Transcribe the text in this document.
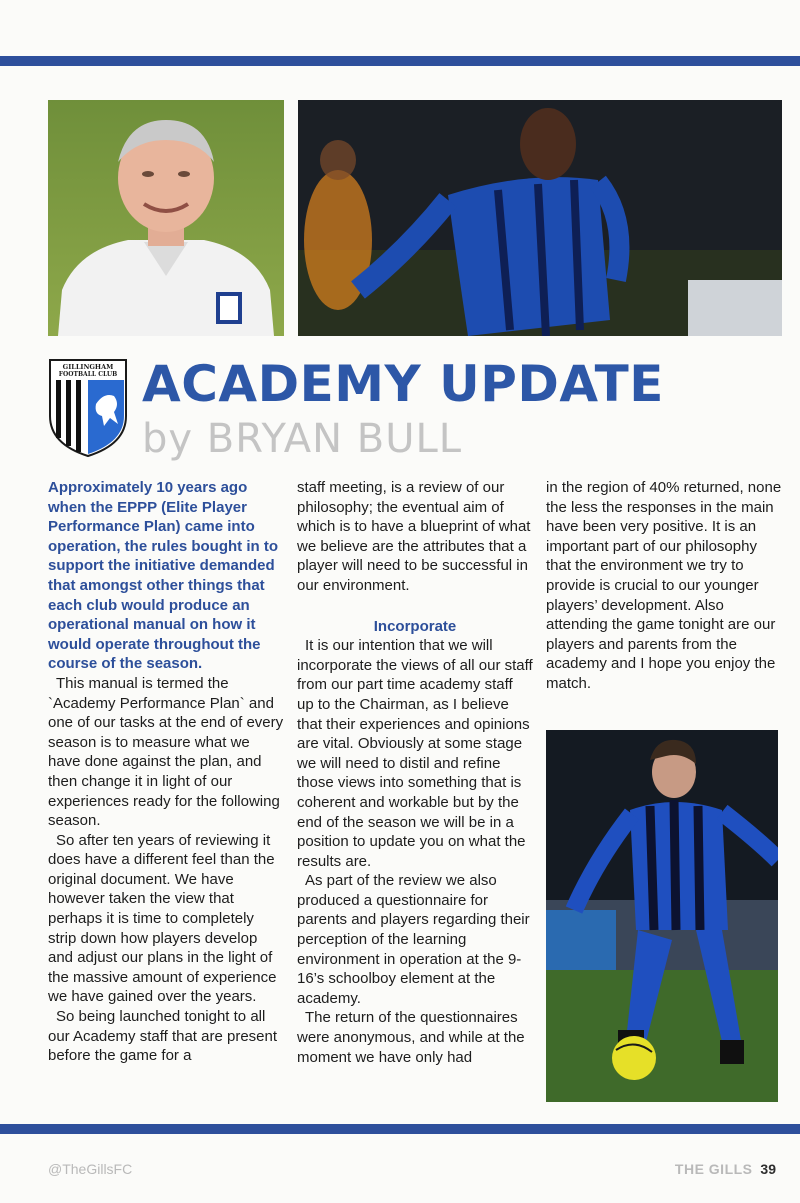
GILLINGHAM
FOOTBALL CLUB ACADEMY UPDATE
by BRYAN BULL

Approximately 10 years ago when the EPPP (Elite Player Performance Plan) came into operation, the rules bought in to support the initiative demanded that amongst other things that each club would produce an operational manual on how it would operate throughout the course of the season.

This manual is termed the `Academy Performance Plan` and one of our tasks at the end of every season is to measure what we have done against the plan, and then change it in light of our experiences ready for the following season.

So after ten years of reviewing it does have a different feel than the original document. We have however taken the view that perhaps it is time to completely strip down how players develop and adjust our plans in the light of the massive amount of experience we have gained over the years.

So being launched tonight to all our Academy staff that are present before the game for a

staff meeting, is a review of our philosophy; the eventual aim of which is to have a blueprint of what we believe are the attributes that a player will need to be successful in our environment.

Incorporate

It is our intention that we will incorporate the views of all our staff from our part time academy staff up to the Chairman, as I believe that their experiences and opinions are vital. Obviously at some stage we will need to distil and refine those views into something that is coherent and workable but by the end of the season we will be in a position to update you on what the results are.

As part of the review we also produced a questionnaire for parents and players regarding their perception of the learning environment in operation at the 9-16’s schoolboy element at the academy.

The return of the questionnaires were anonymous, and while at the moment we have only had

in the region of 40% returned, none the less the responses in the main have been very positive. It is an important part of our philosophy that the environment we try to provide is crucial to our younger players’ development. Also attending the game tonight are our players and parents from the academy and I hope you enjoy the match.

@TheGillsFC	THE GILLS 39
